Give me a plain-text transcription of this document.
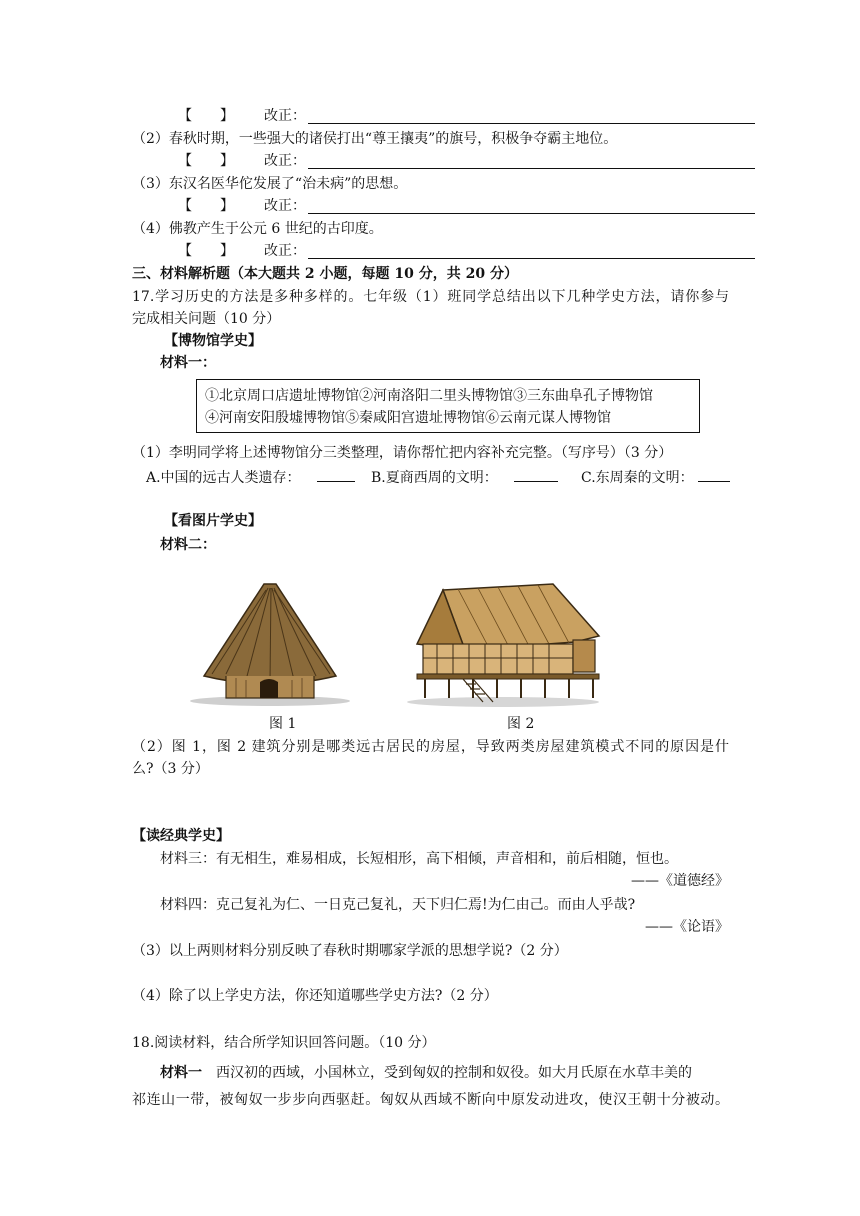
【　　】	改正：
（2）春秋时期，一些强大的诸侯打出“尊王攘夷”的旗号，积极争夺霸主地位。
【　　】	改正：
（3）东汉名医华佗发展了“治未病”的思想。
【　　】	改正：
（4）佛教产生于公元 6 世纪的古印度。
【　　】	改正：
三、材料解析题（本大题共 2 小题，每题 10 分，共 20 分）
17.学习历史的方法是多种多样的。七年级（1）班同学总结出以下几种学史方法，请你参与
完成相关问题（10 分）
【博物馆学史】
材料一：
①北京周口店遗址博物馆②河南洛阳二里头博物馆③三东曲阜孔子博物馆
④河南安阳殷墟博物馆⑤秦咸阳宫遗址博物馆⑥云南元谋人博物馆
（1）李明同学将上述博物馆分三类整理，请你帮忙把内容补充完整。（写序号）（3 分）
A.中国的远古人类遗存：	B.夏商西周的文明：	C.东周秦的文明：
【看图片学史】
材料二：
图 1	图 2
（2）图 1，图 2 建筑分别是哪类远古居民的房屋，导致两类房屋建筑模式不同的原因是什
么?（3 分）
【读经典学史】
材料三：有无相生，难易相成，长短相形，高下相倾，声音相和，前后相随，恒也。
——《道德经》
材料四：克己复礼为仁、一日克己复礼，天下归仁焉!为仁由己。而由人乎哉?
——《论语》
（3）以上两则材料分别反映了春秋时期哪家学派的思想学说?（2 分）
（4）除了以上学史方法，你还知道哪些学史方法?（2 分）
18.阅读材料，结合所学知识回答问题。（10 分）
材料一　西汉初的西域，小国林立，受到匈奴的控制和奴役。如大月氏原在水草丰美的
祁连山一带，被匈奴一步步向西驱赶。匈奴从西域不断向中原发动进攻，使汉王朝十分被动。
